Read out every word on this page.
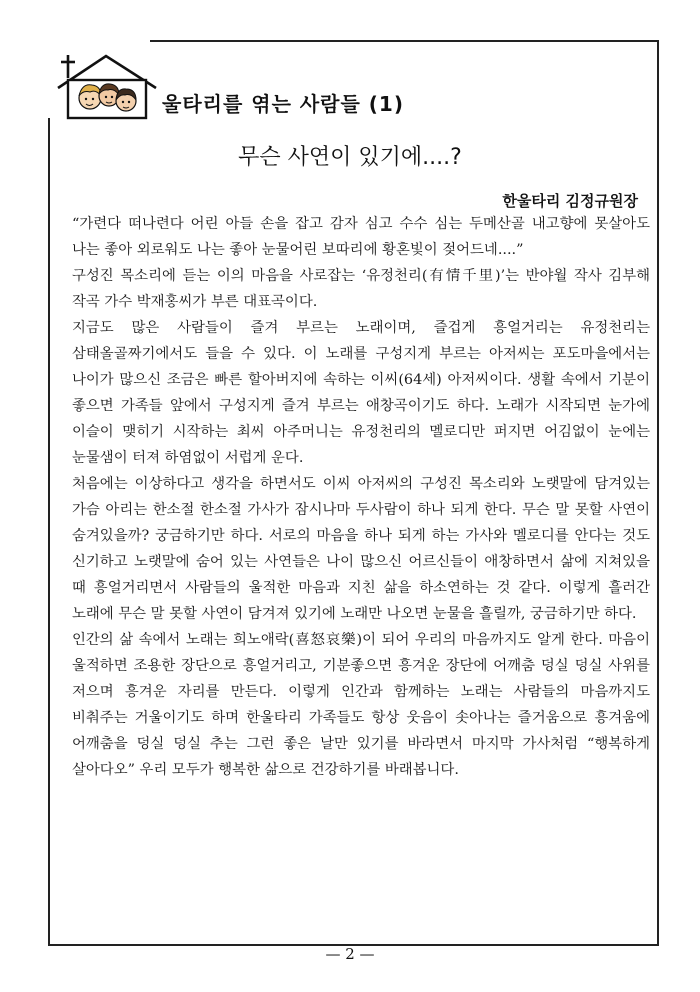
울타리를 엮는 사람들 (1)
무슨 사연이 있기에....?
한울타리 김정규원장

“가련다 떠나련다 어린 아들 손을 잡고 감자 심고 수수 심는 두메산골 내고향에 못살아도 나는 좋아 외로워도 나는 좋아 눈물어린 보따리에 황혼빛이 젖어드네....”

구성진 목소리에 듣는 이의 마음을 사로잡는 ‘유정천리(有情千里)’는 반야월 작사 김부해 작곡 가수 박재홍씨가 부른 대표곡이다.

지금도 많은 사람들이 즐겨 부르는 노래이며, 즐겁게 흥얼거리는 유정천리는 삼태올골짜기에서도 들을 수 있다. 이 노래를 구성지게 부르는 아저씨는 포도마을에서는 나이가 많으신 조금은 빠른 할아버지에 속하는 이씨(64세) 아저씨이다. 생활 속에서 기분이 좋으면 가족들 앞에서 구성지게 즐겨 부르는 애창곡이기도 하다. 노래가 시작되면 눈가에 이슬이 맺히기 시작하는 최씨 아주머니는 유정천리의 멜로디만 퍼지면 어김없이 눈에는 눈물샘이 터져 하염없이 서럽게 운다.

처음에는 이상하다고 생각을 하면서도 이씨 아저씨의 구성진 목소리와 노랫말에 담겨있는 가슴 아리는 한소절 한소절 가사가 잠시나마 두사람이 하나 되게 한다. 무슨 말 못할 사연이 숨겨있을까? 궁금하기만 하다. 서로의 마음을 하나 되게 하는 가사와 멜로디를 안다는 것도 신기하고 노랫말에 숨어 있는 사연들은 나이 많으신 어르신들이 애창하면서 삶에 지쳐있을 때 흥얼거리면서 사람들의 울적한 마음과 지친 삶을 하소연하는 것 같다. 이렇게 흘러간 노래에 무슨 말 못할 사연이 담겨져 있기에 노래만 나오면 눈물을 흘릴까, 궁금하기만 하다.

인간의 삶 속에서 노래는 희노애락(喜怒哀樂)이 되어 우리의 마음까지도 알게 한다. 마음이 울적하면 조용한 장단으로 흥얼거리고, 기분좋으면 흥겨운 장단에 어깨춤 덩실 덩실 사위를 저으며 흥겨운 자리를 만든다. 이렇게 인간과 함께하는 노래는 사람들의 마음까지도 비춰주는 거울이기도 하며 한울타리 가족들도 항상 웃음이 솟아나는 즐거움으로 흥겨움에 어깨춤을 덩실 덩실 추는 그런 좋은 날만 있기를 바라면서 마지막 가사처럼 “행복하게 살아다오” 우리 모두가 행복한 삶으로 건강하기를 바래봅니다.

— 2 —
